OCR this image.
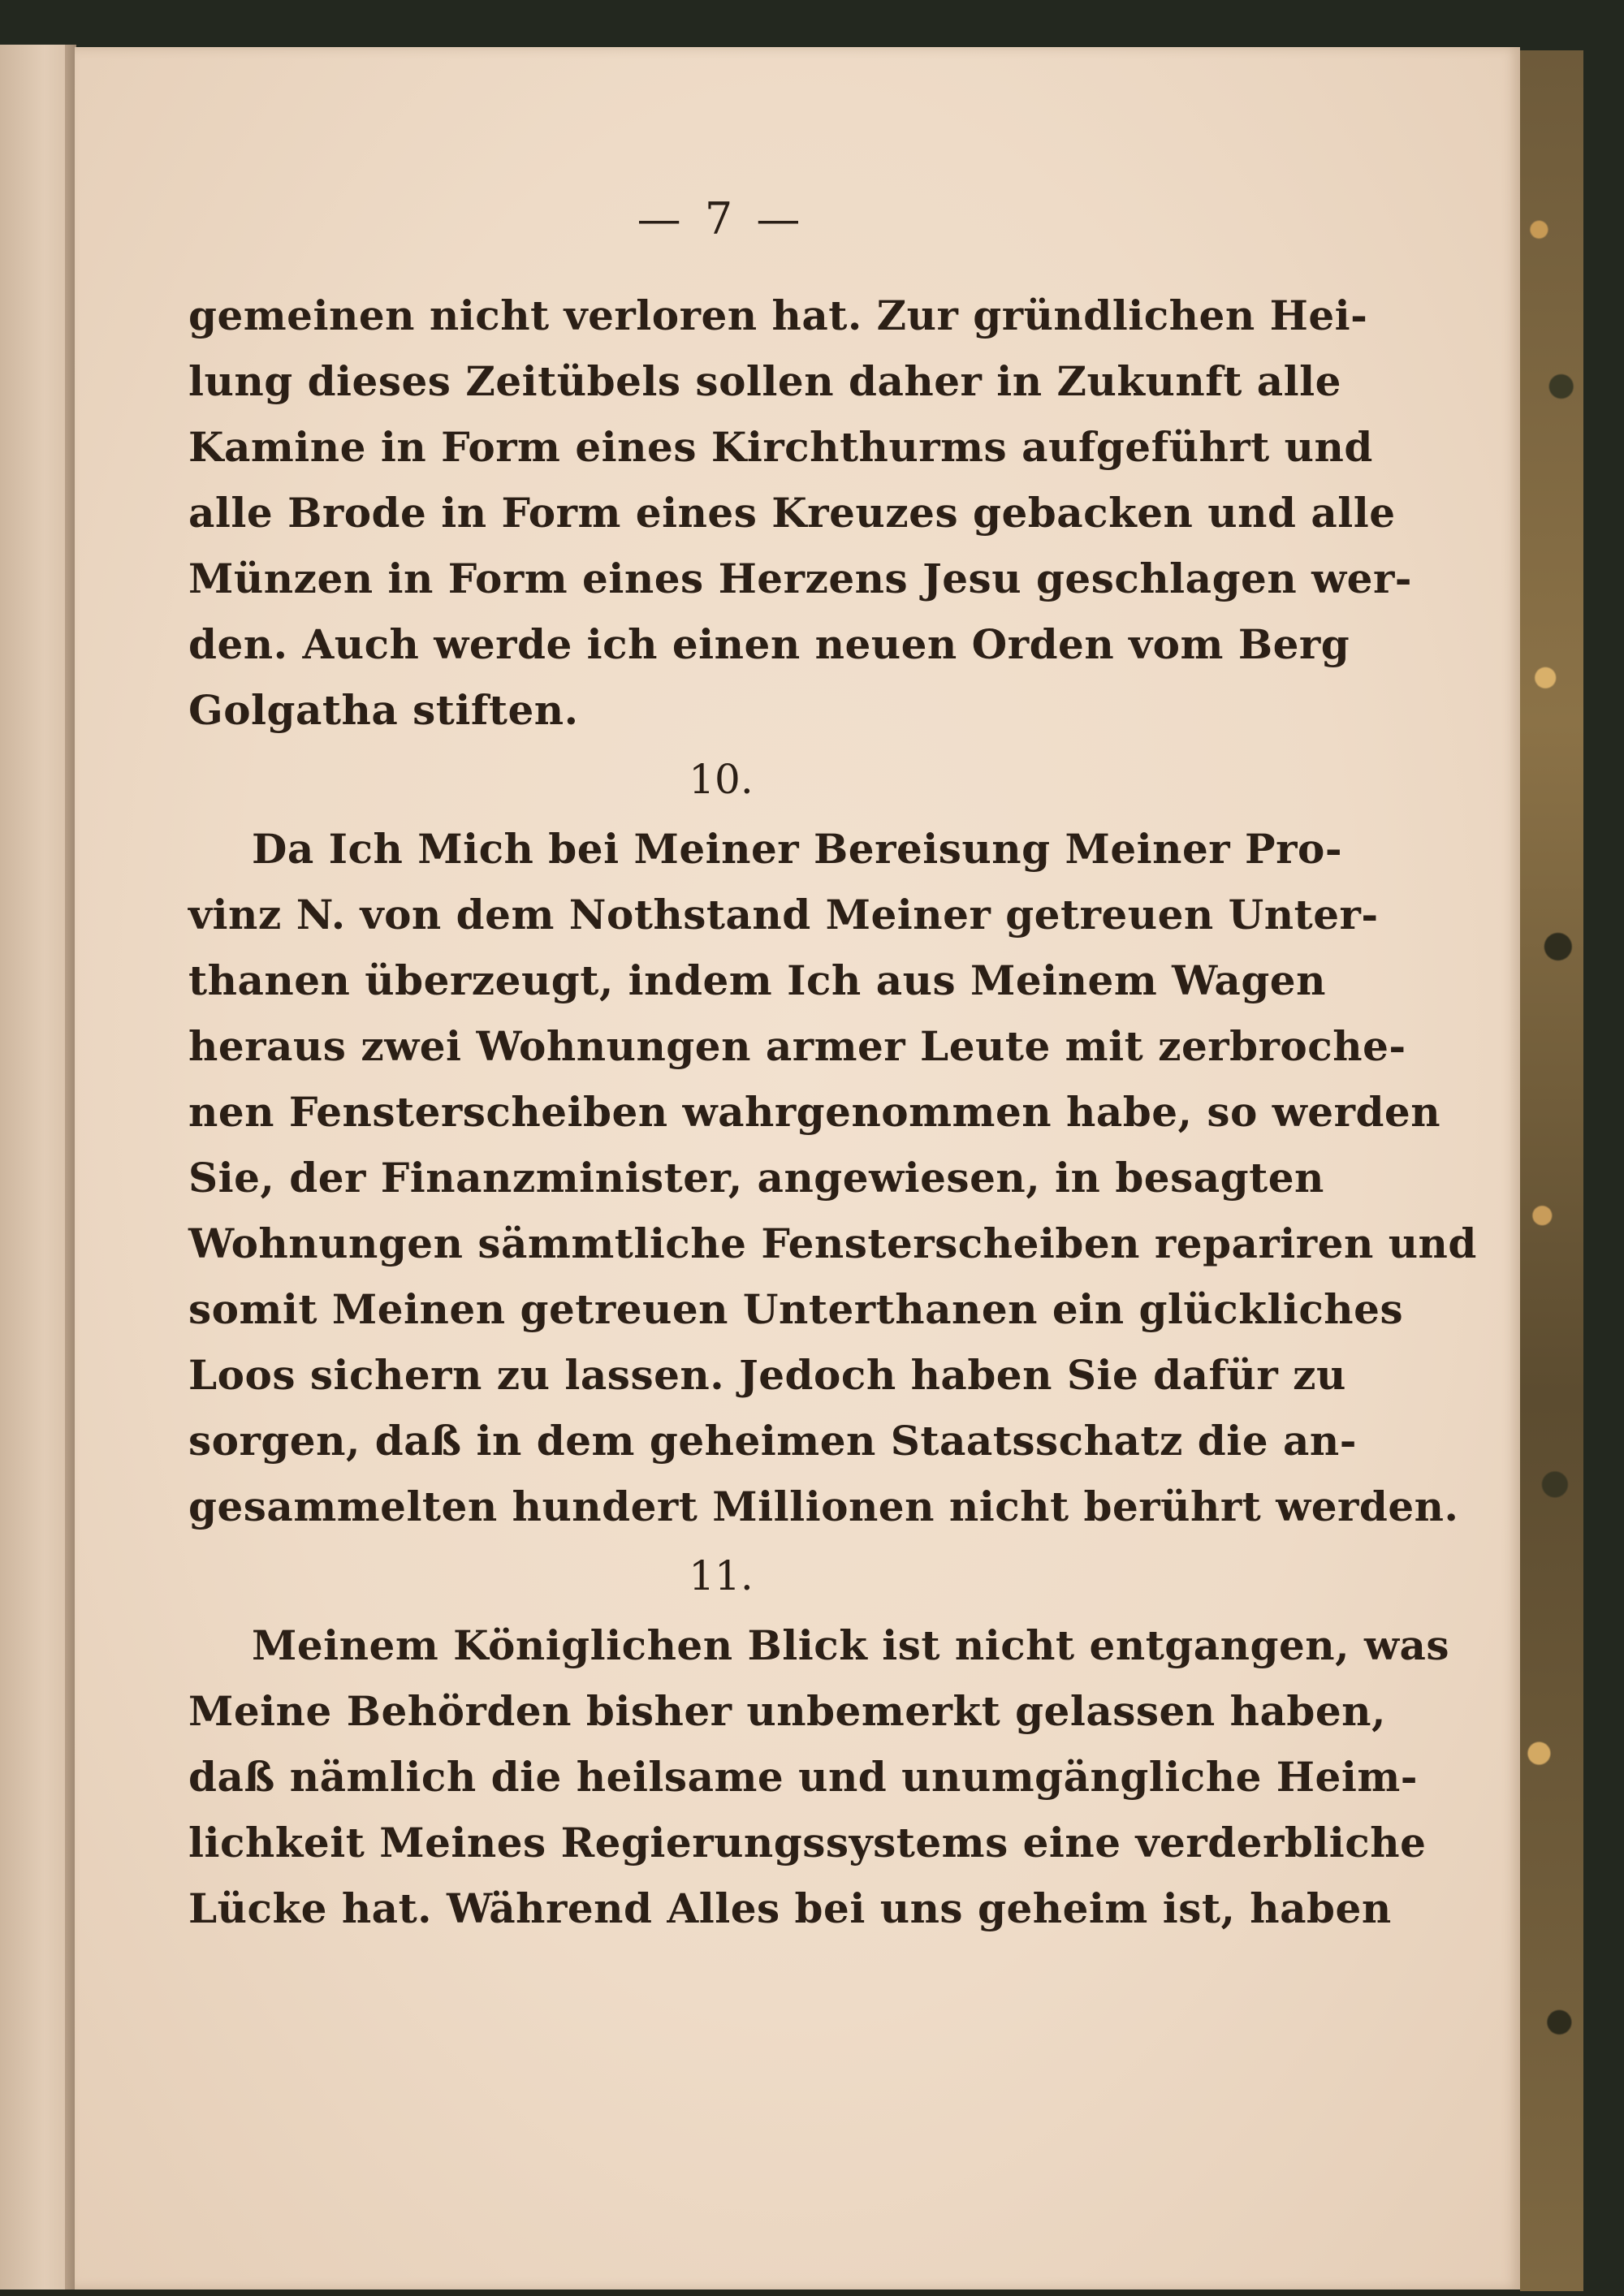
— 7 —
gemeinen nicht verloren hat. Zur gründlichen Hei-
lung dieses Zeitübels sollen daher in Zukunft alle
Kamine in Form eines Kirchthurms aufgeführt und
alle Brode in Form eines Kreuzes gebacken und alle
Münzen in Form eines Herzens Jesu geschlagen wer-
den. Auch werde ich einen neuen Orden vom Berg
Golgatha stiften.
10.
Da Ich Mich bei Meiner Bereisung Meiner Pro-
vinz N. von dem Nothstand Meiner getreuen Unter-
thanen überzeugt, indem Ich aus Meinem Wagen
heraus zwei Wohnungen armer Leute mit zerbroche-
nen Fensterscheiben wahrgenommen habe, so werden
Sie, der Finanzminister, angewiesen, in besagten
Wohnungen sämmtliche Fensterscheiben repariren und
somit Meinen getreuen Unterthanen ein glückliches
Loos sichern zu lassen. Jedoch haben Sie dafür zu
sorgen, daß in dem geheimen Staatsschatz die an-
gesammelten hundert Millionen nicht berührt werden.
11.
Meinem Königlichen Blick ist nicht entgangen, was
Meine Behörden bisher unbemerkt gelassen haben,
daß nämlich die heilsame und unumgängliche Heim-
lichkeit Meines Regierungssystems eine verderbliche
Lücke hat. Während Alles bei uns geheim ist, haben
